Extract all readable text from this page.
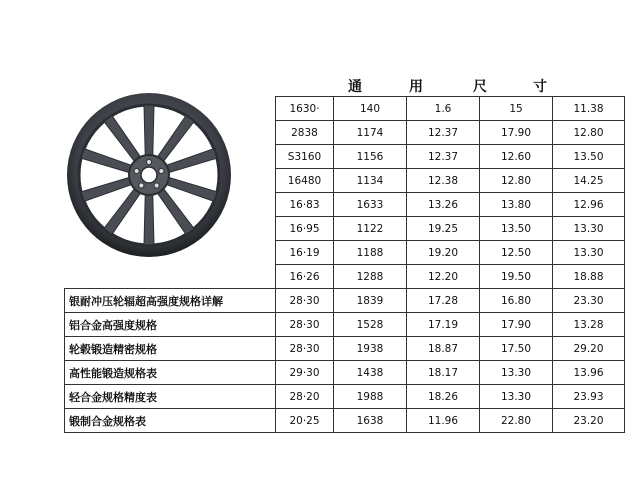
通	用	尺	寸
	1630·	140	1.6	15	11.38
	2838	1174	12.37	17.90	12.80
	S3160	1156	12.37	12.60	13.50
	16480	1134	12.38	12.80	14.25
	16·83	1633	13.26	13.80	12.96
	16·95	1122	19.25	13.50	13.30
	16·19	1188	19.20	12.50	13.30
	16·26	1288	12.20	19.50	18.88
银耐冲压轮辐超高强度规格详解	28·30	1839	17.28	16.80	23.30
铝合金高强度规格	28·30	1528	17.19	17.90	13.28
轮毂锻造精密规格	28·30	1938	18.87	17.50	29.20
高性能锻造规格表	29·30	1438	18.17	13.30	13.96
轻合金规格精度表	28·20	1988	18.26	13.30	23.93
锻制合金规格表	20·25	1638	11.96	22.80	23.20
